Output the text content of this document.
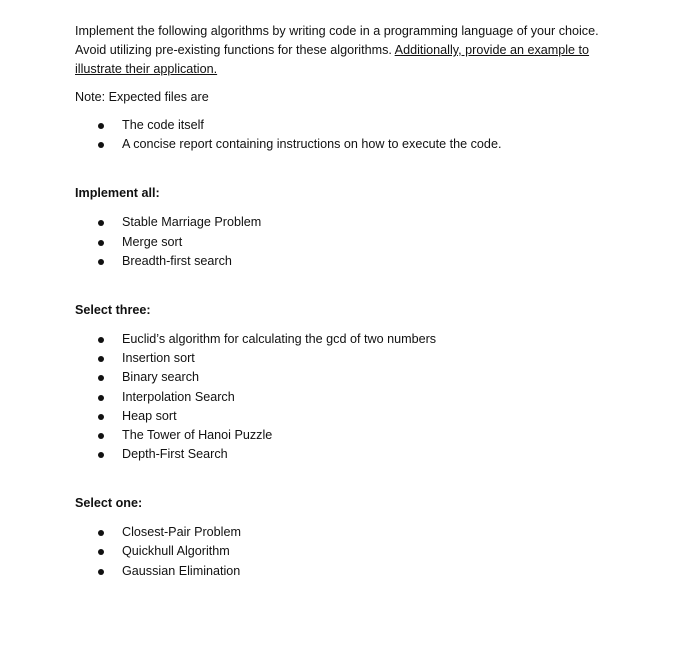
Implement the following algorithms by writing code in a programming language of your choice.
Avoid utilizing pre-existing functions for these algorithms. Additionally, provide an example to
illustrate their application.

Note: Expected files are

The code itself
A concise report containing instructions on how to execute the code.

Implement all:

Stable Marriage Problem
Merge sort
Breadth-first search

Select three:

Euclid’s algorithm for calculating the gcd of two numbers
Insertion sort
Binary search
Interpolation Search
Heap sort
The Tower of Hanoi Puzzle
Depth-First Search

Select one:

Closest-Pair Problem
Quickhull Algorithm
Gaussian Elimination
